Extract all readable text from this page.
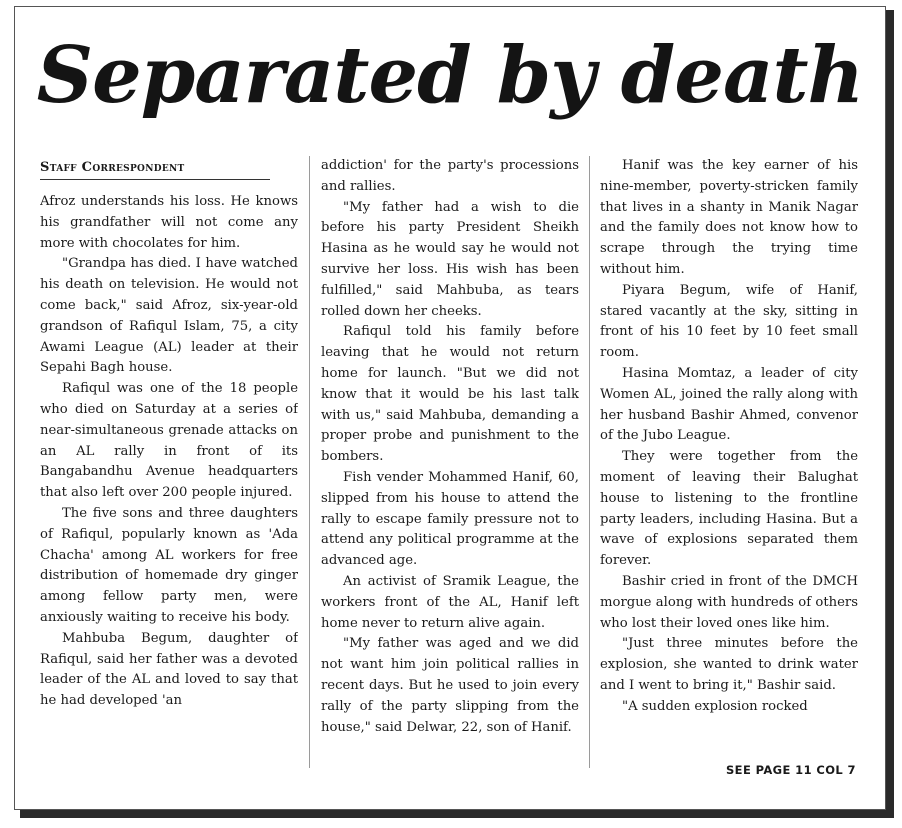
Separated by death
Staff Correspondent

Afroz understands his loss. He knows his grandfather will not come any more with chocolates for him.

"Grandpa has died. I have watched his death on television. He would not come back," said Afroz, six-year-old grandson of Rafiqul Islam, 75, a city Awami League (AL) leader at their Sepahi Bagh house.

Rafiqul was one of the 18 people who died on Saturday at a series of near-simultaneous grenade attacks on an AL rally in front of its Bangabandhu Avenue headquarters that also left over 200 people injured.

The five sons and three daughters of Rafiqul, popularly known as 'Ada Chacha' among AL workers for free distribution of homemade dry ginger among fellow party men, were anxiously waiting to receive his body.

Mahbuba Begum, daughter of Rafiqul, said her father was a devoted leader of the AL and loved to say that he had developed 'an

addiction' for the party's processions and rallies.

"My father had a wish to die before his party President Sheikh Hasina as he would say he would not survive her loss. His wish has been fulfilled," said Mahbuba, as tears rolled down her cheeks.

Rafiqul told his family before leaving that he would not return home for launch. "But we did not know that it would be his last talk with us," said Mahbuba, demanding a proper probe and punishment to the bombers.

Fish vender Mohammed Hanif, 60, slipped from his house to attend the rally to escape family pressure not to attend any political programme at the advanced age.

An activist of Sramik League, the workers front of the AL, Hanif left home never to return alive again.

"My father was aged and we did not want him join political rallies in recent days. But he used to join every rally of the party slipping from the house," said Delwar, 22, son of Hanif.

Hanif was the key earner of his nine-member, poverty-stricken family that lives in a shanty in Manik Nagar and the family does not know how to scrape through the trying time without him.

Piyara Begum, wife of Hanif, stared vacantly at the sky, sitting in front of his 10 feet by 10 feet small room.

Hasina Momtaz, a leader of city Women AL, joined the rally along with her husband Bashir Ahmed, convenor of the Jubo League.

They were together from the moment of leaving their Balughat house to listening to the frontline party leaders, including Hasina. But a wave of explosions separated them forever.

Bashir cried in front of the DMCH morgue along with hundreds of others who lost their loved ones like him.

"Just three minutes before the explosion, she wanted to drink water and I went to bring it," Bashir said.

"A sudden explosion rocked

SEE PAGE 11 COL 7
